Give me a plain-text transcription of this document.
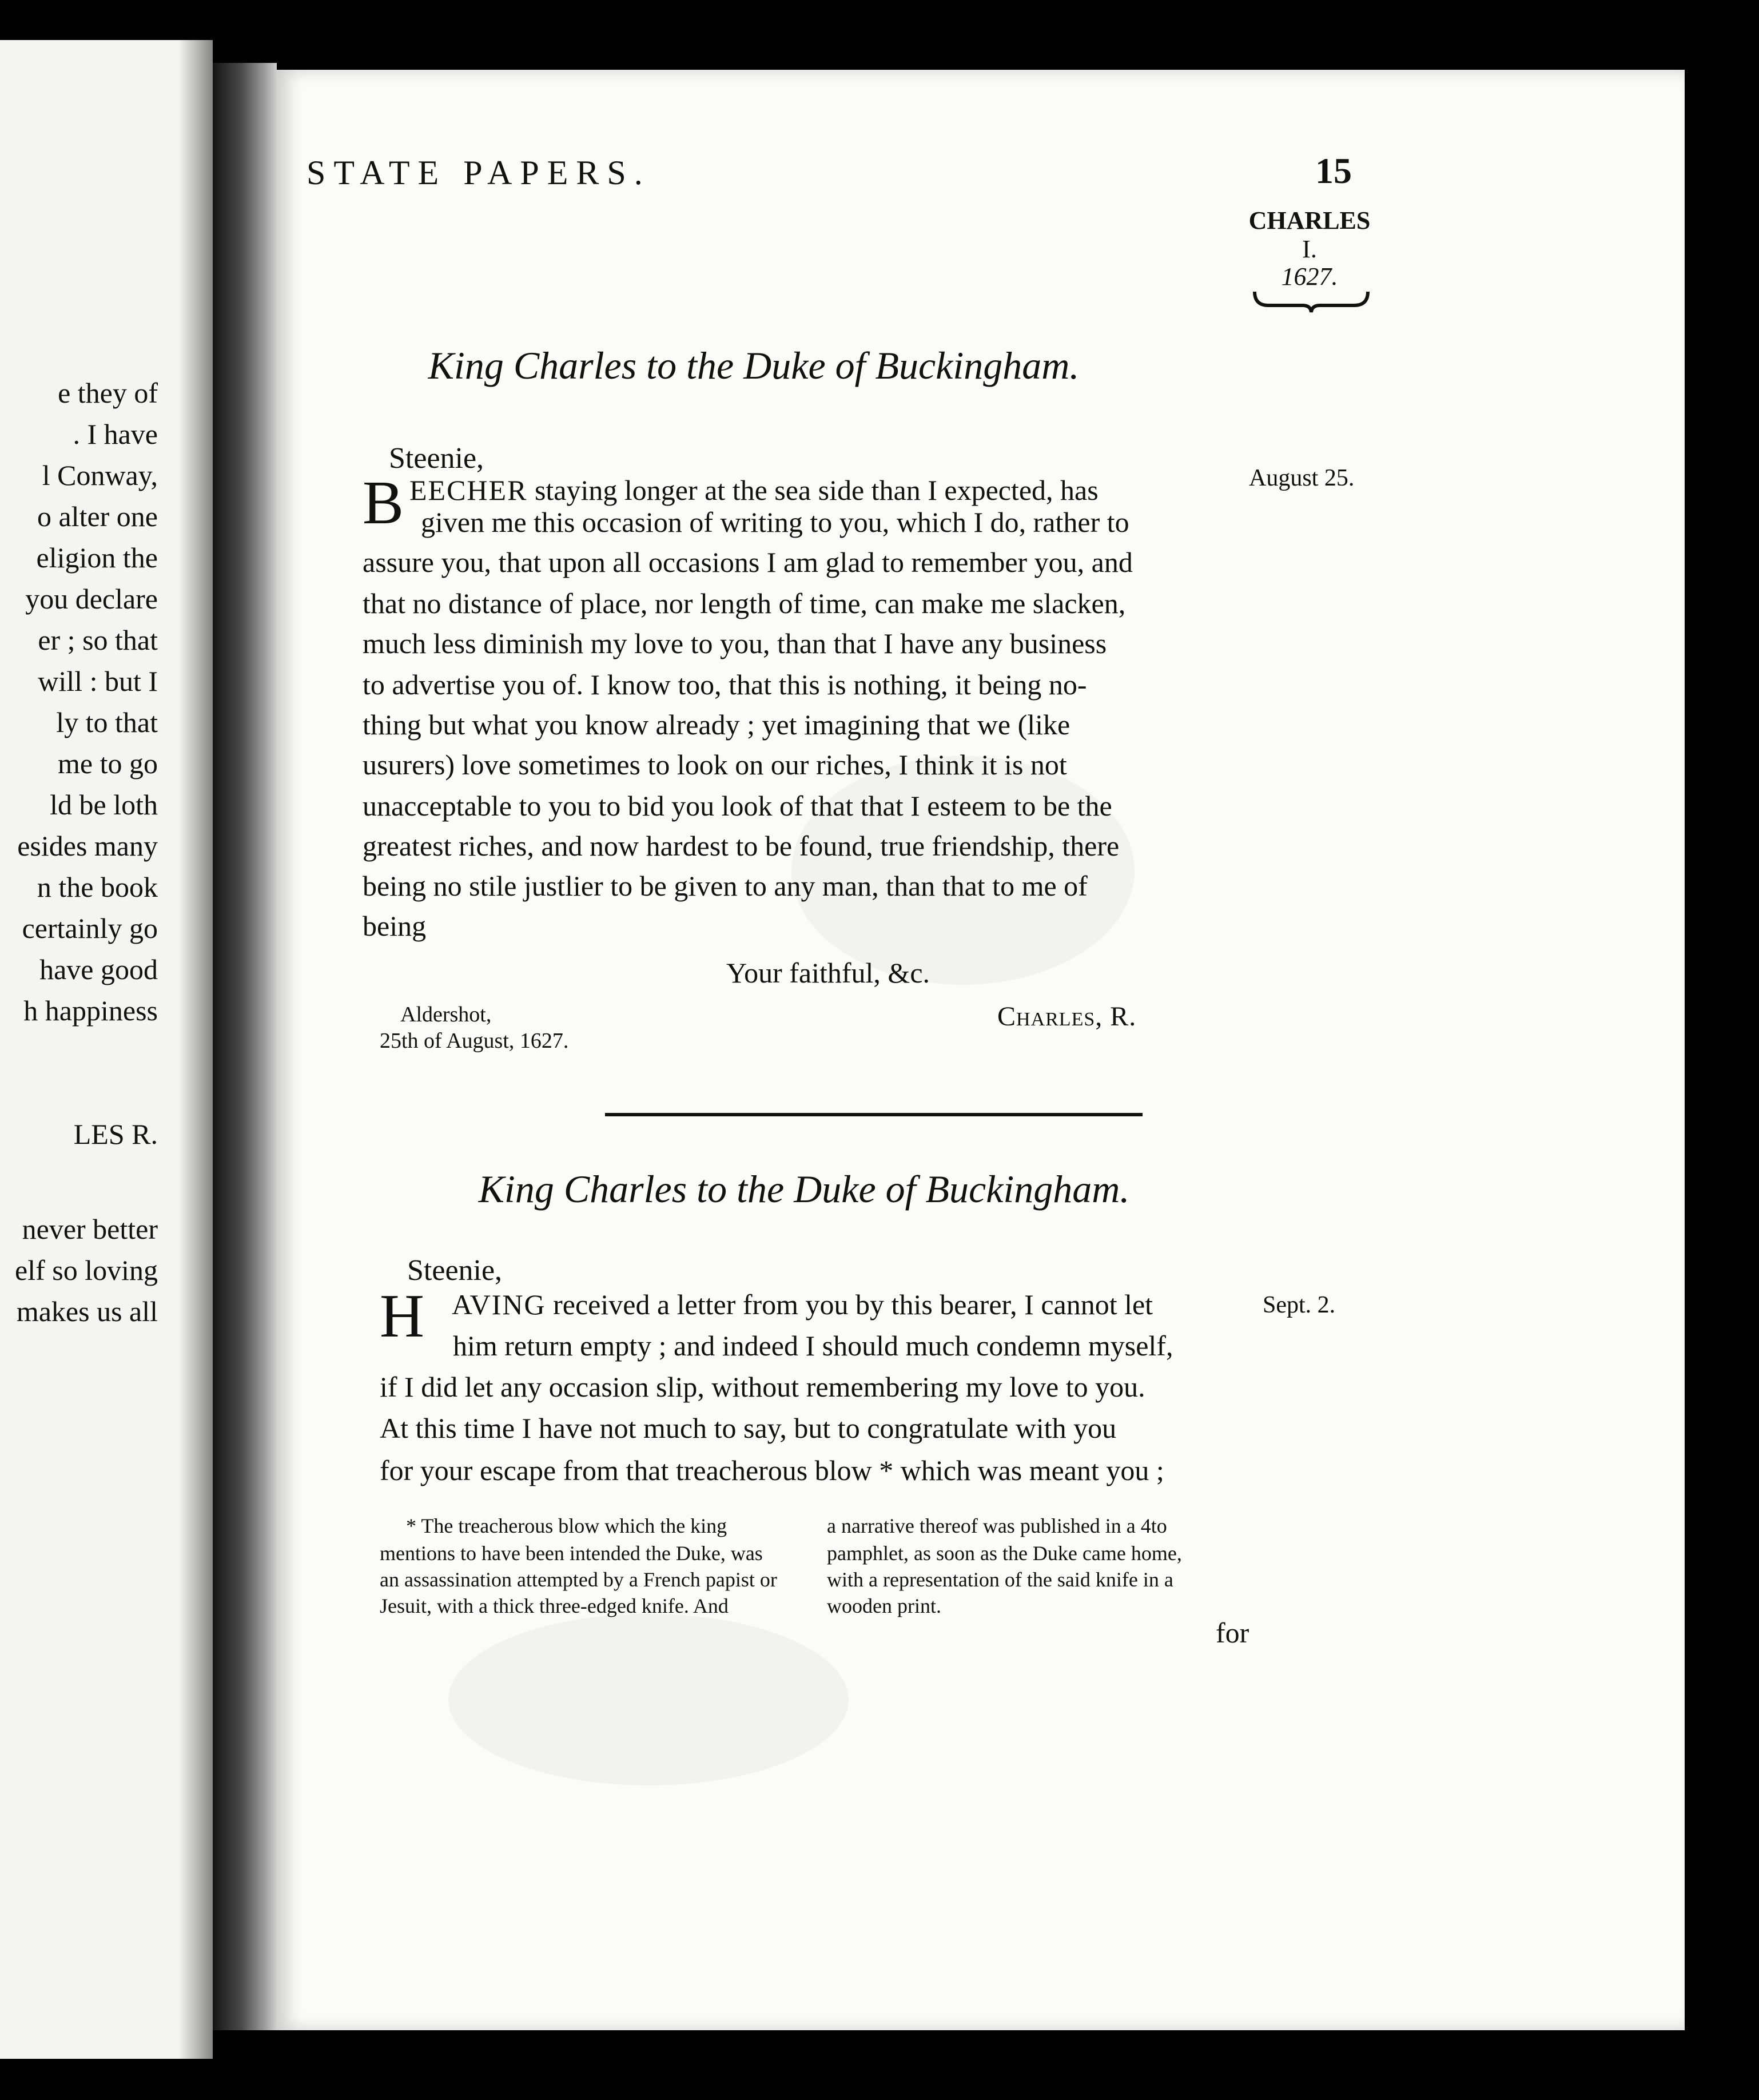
e they of
. I have
l Conway,
o alter one
eligion the
you declare
er ; so that
will : but I
ly to that
me to go
ld be loth
esides many
n the book
certainly go
have good
h happiness
LES R.
never better
elf so loving
makes us all
STATE PAPERS.	15
CHARLES
I.
1627.
King Charles to the Duke of Buckingham.
Steenie,
B EECHER staying longer at the sea side than I expected, has	August 25.
given me this occasion of writing to you, which I do, rather to
assure you, that upon all occasions I am glad to remember you, and
that no distance of place, nor length of time, can make me slacken,
much less diminish my love to you, than that I have any business
to advertise you of. I know too, that this is nothing, it being no-
thing but what you know already ; yet imagining that we (like
usurers) love sometimes to look on our riches, I think it is not
unacceptable to you to bid you look of that that I esteem to be the
greatest riches, and now hardest to be found, true friendship, there
being no stile justlier to be given to any man, than that to me of
being
Your faithful, &c.
Aldershot,
25th of August, 1627.
Charles, R.
King Charles to the Duke of Buckingham.
Steenie,
H AVING received a letter from you by this bearer, I cannot let	Sept. 2.
him return empty ; and indeed I should much condemn myself,
if I did let any occasion slip, without remembering my love to you.
At this time I have not much to say, but to congratulate with you
for your escape from that treacherous blow * which was meant you ;
* The treacherous blow which the king
mentions to have been intended the Duke, was
an assassination attempted by a French papist or
Jesuit, with a thick three-edged knife. And
a narrative thereof was published in a 4to
pamphlet, as soon as the Duke came home,
with a representation of the said knife in a
wooden print.
for
